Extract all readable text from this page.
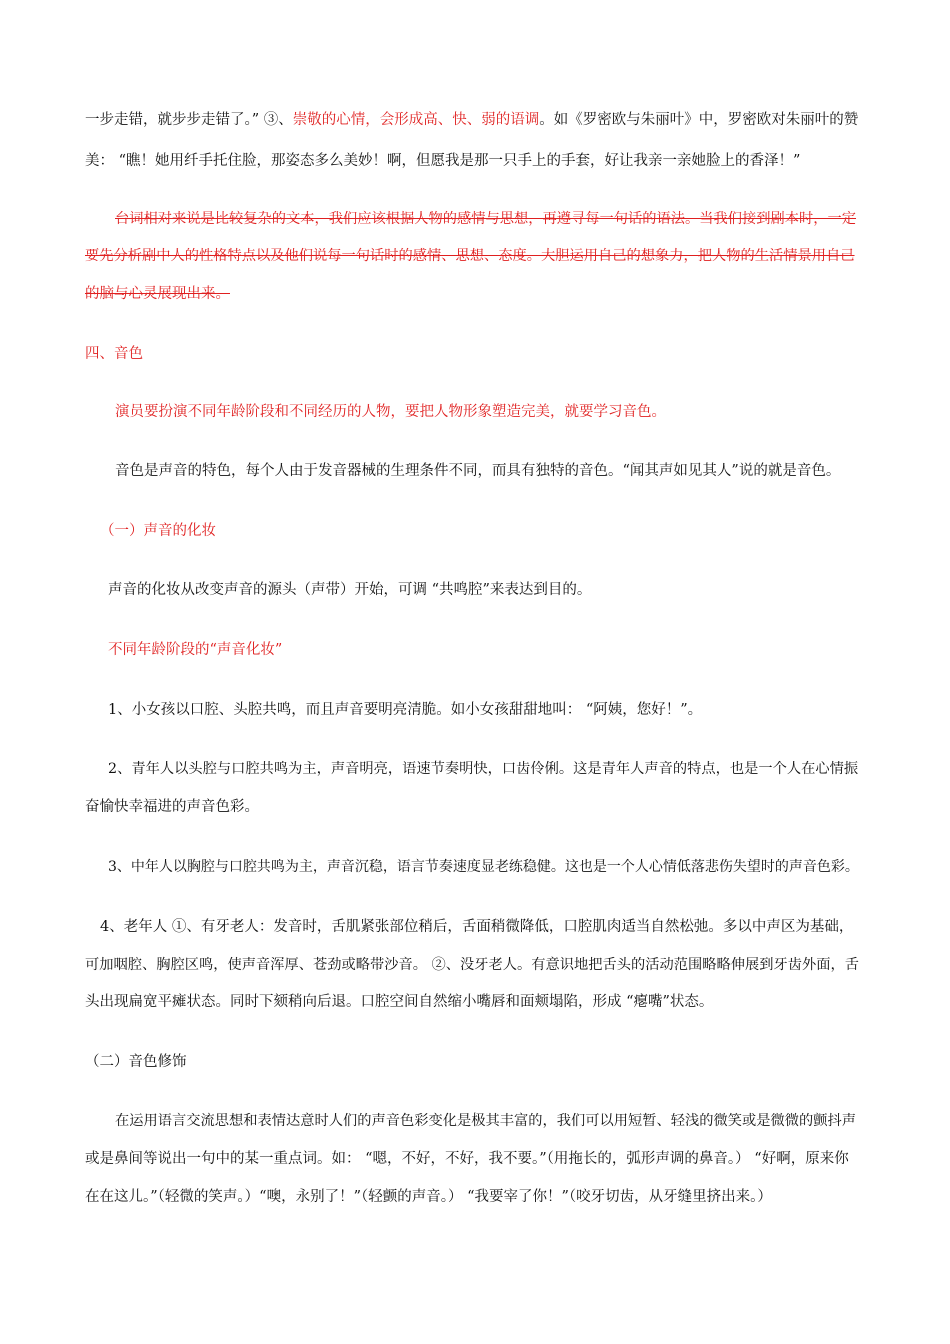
一步走错，就步步走错了。” ③、崇敬的心情，会形成高、快、弱的语调。如《罗密欧与朱丽叶》中，罗密欧对朱丽叶的赞
美： “瞧！她用纤手托住脸，那姿态多么美妙！啊，但愿我是那一只手上的手套，好让我亲一亲她脸上的香泽！”
台词相对来说是比较复杂的文本，我们应该根据人物的感情与思想，再遵寻每一句话的语法。当我们接到剧本时，一定
要先分析剧中人的性格特点以及他们说每一句话时的感情、思想、态度。大胆运用自己的想象力，把人物的生活情景用自己
的脑与心灵展现出来。
四、音色
演员要扮演不同年龄阶段和不同经历的人物，要把人物形象塑造完美，就要学习音色。
音色是声音的特色，每个人由于发音器械的生理条件不同，而具有独特的音色。“闻其声如见其人”说的就是音色。
（一）声音的化妆
声音的化妆从改变声音的源头（声带）开始，可调 “共鸣腔”来表达到目的。
不同年龄阶段的“声音化妆”
1、小女孩以口腔、头腔共鸣，而且声音要明亮清脆。如小女孩甜甜地叫： “阿姨，您好！”。
2、青年人以头腔与口腔共鸣为主，声音明亮，语速节奏明快，口齿伶俐。这是青年人声音的特点，也是一个人在心情振
奋愉快幸福进的声音色彩。
3、中年人以胸腔与口腔共鸣为主，声音沉稳，语言节奏速度显老练稳健。这也是一个人心情低落悲伤失望时的声音色彩。
4、老年人 ①、有牙老人：发音时，舌肌紧张部位稍后，舌面稍微降低，口腔肌肉适当自然松弛。多以中声区为基础，
可加咽腔、胸腔区鸣，使声音浑厚、苍劲或略带沙音。 ②、没牙老人。有意识地把舌头的活动范围略略伸展到牙齿外面，舌
头出现扁宽平瘫状态。同时下颏稍向后退。口腔空间自然缩小嘴唇和面颊塌陷，形成 “瘪嘴”状态。
（二）音色修饰
在运用语言交流思想和表情达意时人们的声音色彩变化是极其丰富的，我们可以用短暂、轻浅的微笑或是微微的颤抖声
或是鼻间等说出一句中的某一重点词。如： “嗯，不好，不好，我不要。”（用拖长的，弧形声调的鼻音。） “好啊，原来你
在在这儿。”（轻微的笑声。）“噢，永别了！”（轻颤的声音。） “我要宰了你！”（咬牙切齿，从牙缝里挤出来。）
